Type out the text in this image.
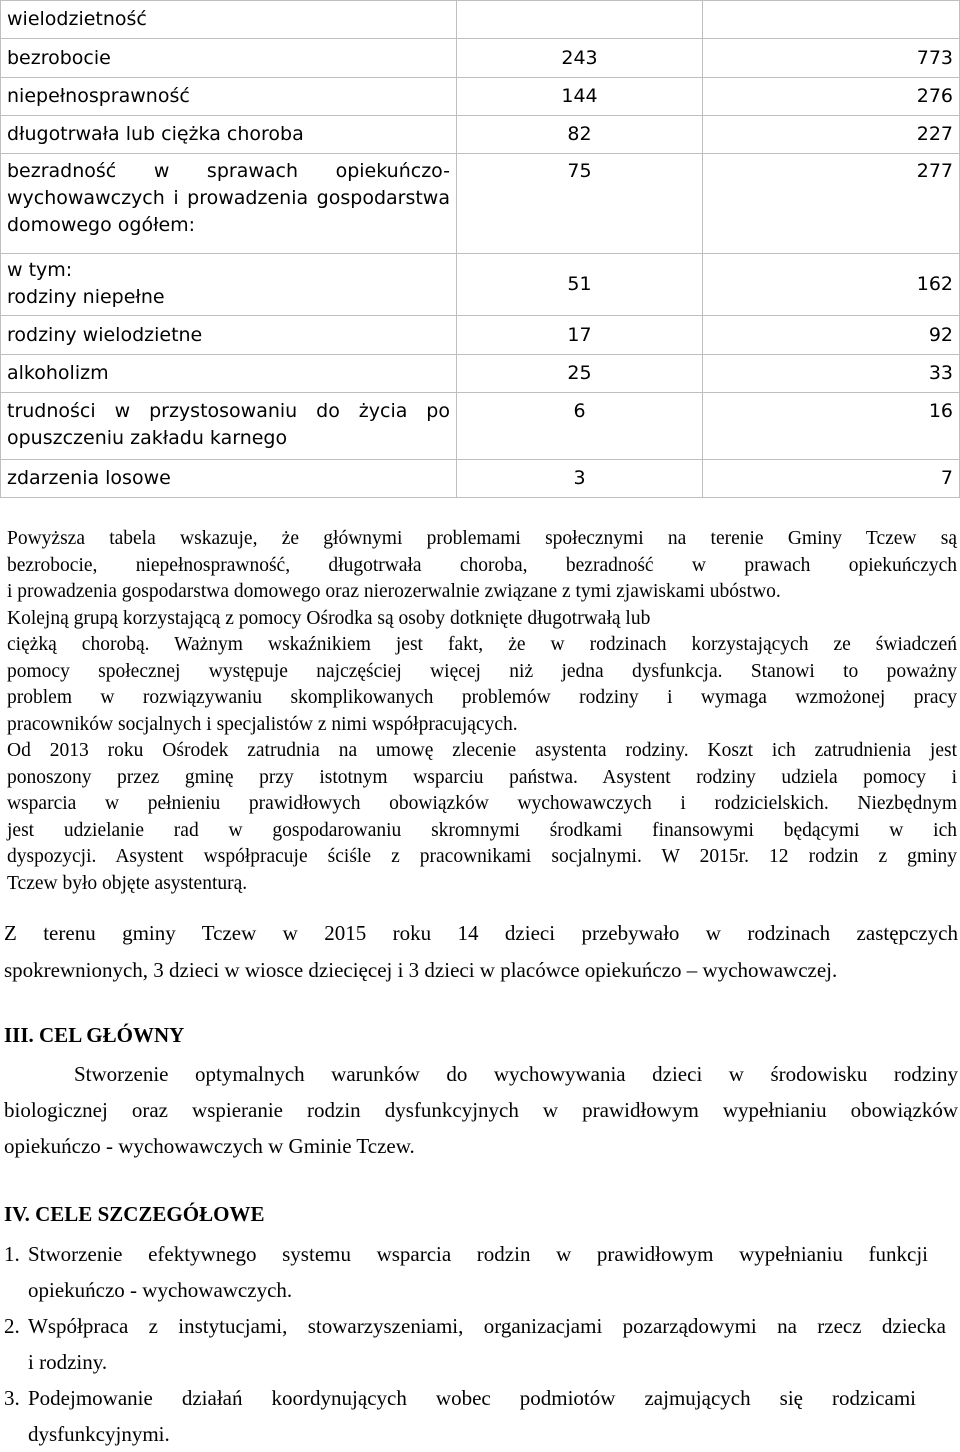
wielodzietność		
bezrobocie	243	773
niepełnosprawność	144	276
długotrwała lub ciężka choroba	82	227

bezradność w sprawach opiekuńczo-
wychowawczych i prowadzenia gospodarstwa
domowego ogółem:	75	277

w tym:
rodziny niepełne	51	162
rodziny wielodzietne	17	92
alkoholizm	25	33

trudności w przystosowaniu do życia po
opuszczeniu zakładu karnego	6	16
zdarzenia losowe	3	7
Powyższa tabela wskazuje, że głównymi problemami społecznymi na terenie Gminy Tczew są
bezrobocie, niepełnosprawność, długotrwała choroba, bezradność w prawach opiekuńczych
i prowadzenia gospodarstwa domowego oraz nierozerwalnie związane z tymi zjawiskami ubóstwo.
Kolejną grupą korzystającą z pomocy Ośrodka są osoby dotknięte długotrwałą lub
ciężką chorobą. Ważnym wskaźnikiem jest fakt, że w rodzinach korzystających ze świadczeń
pomocy społecznej występuje najczęściej więcej niż jedna dysfunkcja. Stanowi to poważny
problem w rozwiązywaniu skomplikowanych problemów rodziny i wymaga wzmożonej pracy
pracowników socjalnych i specjalistów z nimi współpracujących.
Od 2013 roku Ośrodek zatrudnia na umowę zlecenie asystenta rodziny. Koszt ich zatrudnienia jest
ponoszony przez gminę przy istotnym wsparciu państwa. Asystent rodziny udziela pomocy i
wsparcia w pełnieniu prawidłowych obowiązków wychowawczych i rodzicielskich. Niezbędnym
jest udzielanie rad w gospodarowaniu skromnymi środkami finansowymi będącymi w ich
dyspozycji. Asystent współpracuje ściśle z pracownikami socjalnymi. W 2015r. 12 rodzin z gminy
Tczew było objęte asystenturą.
Z terenu gminy Tczew w 2015 roku 14 dzieci przebywało w rodzinach zastępczych
spokrewnionych, 3 dzieci w wiosce dziecięcej i 3 dzieci w placówce opiekuńczo – wychowawczej.
III. CEL GŁÓWNY
Stworzenie optymalnych warunków do wychowywania dzieci w środowisku rodziny
biologicznej oraz wspieranie rodzin dysfunkcyjnych w prawidłowym wypełnianiu obowiązków
opiekuńczo - wychowawczych w Gminie Tczew.
IV. CELE SZCZEGÓŁOWE
1. Stworzenie efektywnego systemu wsparcia rodzin w prawidłowym wypełnianiu funkcji
opiekuńczo - wychowawczych.
2. Współpraca z instytucjami, stowarzyszeniami, organizacjami pozarządowymi na rzecz dziecka
i rodziny.
3. Podejmowanie działań koordynujących wobec podmiotów zajmujących się rodzicami
dysfunkcyjnymi.
